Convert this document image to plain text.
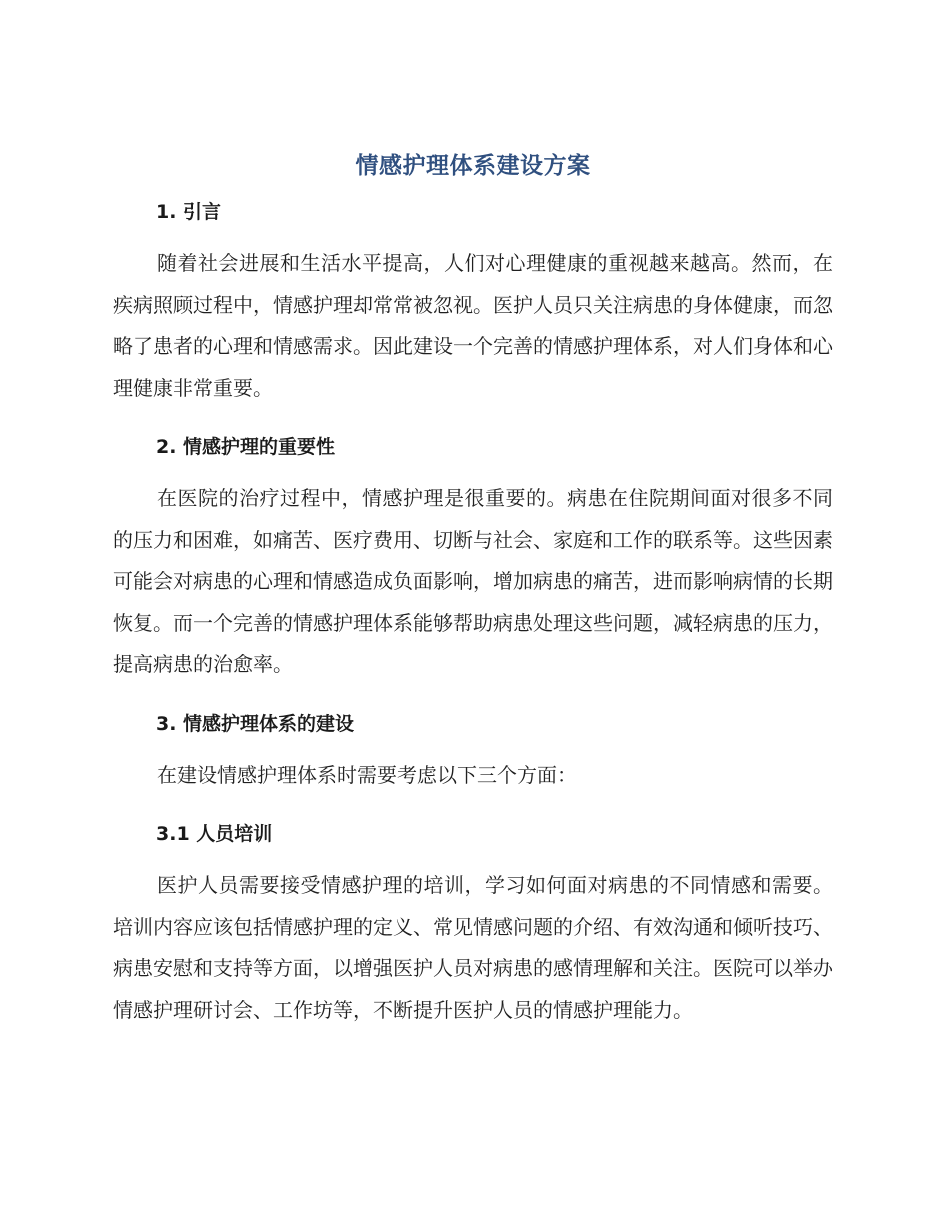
情感护理体系建设方案
1. 引言

随着社会进展和生活水平提高，人们对心理健康的重视越来越高。然而，在疾病照顾过程中，情感护理却常常被忽视。医护人员只关注病患的身体健康，而忽略了患者的心理和情感需求。因此建设一个完善的情感护理体系，对人们身体和心理健康非常重要。

2. 情感护理的重要性

在医院的治疗过程中，情感护理是很重要的。病患在住院期间面对很多不同的压力和困难，如痛苦、医疗费用、切断与社会、家庭和工作的联系等。这些因素可能会对病患的心理和情感造成负面影响，增加病患的痛苦，进而影响病情的长期恢复。而一个完善的情感护理体系能够帮助病患处理这些问题，减轻病患的压力，提高病患的治愈率。

3. 情感护理体系的建设

在建设情感护理体系时需要考虑以下三个方面：

3.1 人员培训

医护人员需要接受情感护理的培训，学习如何面对病患的不同情感和需要。培训内容应该包括情感护理的定义、常见情感问题的介绍、有效沟通和倾听技巧、病患安慰和支持等方面，以增强医护人员对病患的感情理解和关注。医院可以举办情感护理研讨会、工作坊等，不断提升医护人员的情感护理能力。
